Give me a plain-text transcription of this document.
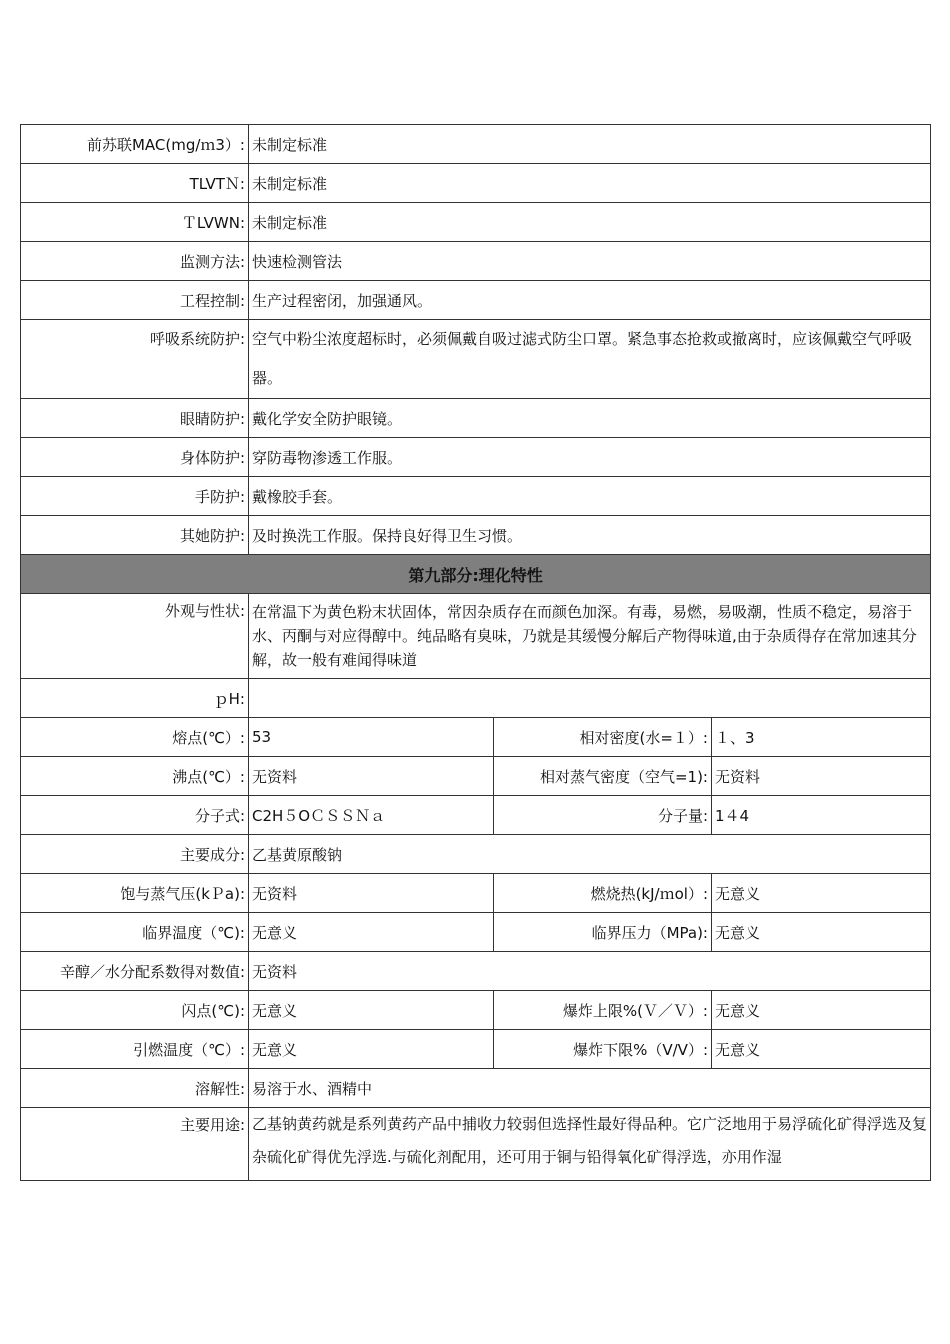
前苏联MAC(mg/ｍ3）:	未制定标准		
TLVTＮ:	未制定标准		
ＴLVWN:	未制定标准		
监测方法:	快速检测管法		
工程控制:	生产过程密闭，加强通风。		
呼吸系统防护:	空气中粉尘浓度超标时，必须佩戴自吸过滤式防尘口罩。紧急事态抢救或撤离时，应该佩戴空气呼吸器。		
眼睛防护:	戴化学安全防护眼镜。		
身体防护:	穿防毒物渗透工作服。		
手防护:	戴橡胶手套。		
其她防护:	及时换洗工作服。保持良好得卫生习惯。		
第九部分:理化特性			
外观与性状:	在常温下为黄色粉末状固体，常因杂质存在而颜色加深。有毒，易燃，易吸潮，性质不稳定，易溶于水、丙酮与对应得醇中。纯品略有臭味，乃就是其缓慢分解后产物得味道,由于杂质得存在常加速其分解，故一般有难闻得味道		
ｐH:			
熔点(℃）:	53	相对密度(水=１）:	１、3
沸点(℃）:	无资料	相对蒸气密度（空气=1):	无资料
分子式:	C2H５OＣＳＳＮａ	分子量:	1４4
主要成分:	乙基黄原酸钠		
饱与蒸气压(kＰa):	无资料	燃烧热(kJ/ｍol）:	无意义
临界温度（℃):	无意义	临界压力（MPa):	无意义
辛醇／水分配系数得对数值:	无资料		
闪点(℃):	无意义	爆炸上限%(Ｖ／Ｖ）:	无意义
引燃温度（℃）:	无意义	爆炸下限%（V/V）:	无意义
溶解性:	易溶于水、酒精中		
主要用途:	乙基钠黄药就是系列黄药产品中捕收力较弱但选择性最好得品种。它广泛地用于易浮硫化矿得浮选及复杂硫化矿得优先浮选.与硫化剂配用，还可用于铜与铅得氧化矿得浮选，亦用作湿		
